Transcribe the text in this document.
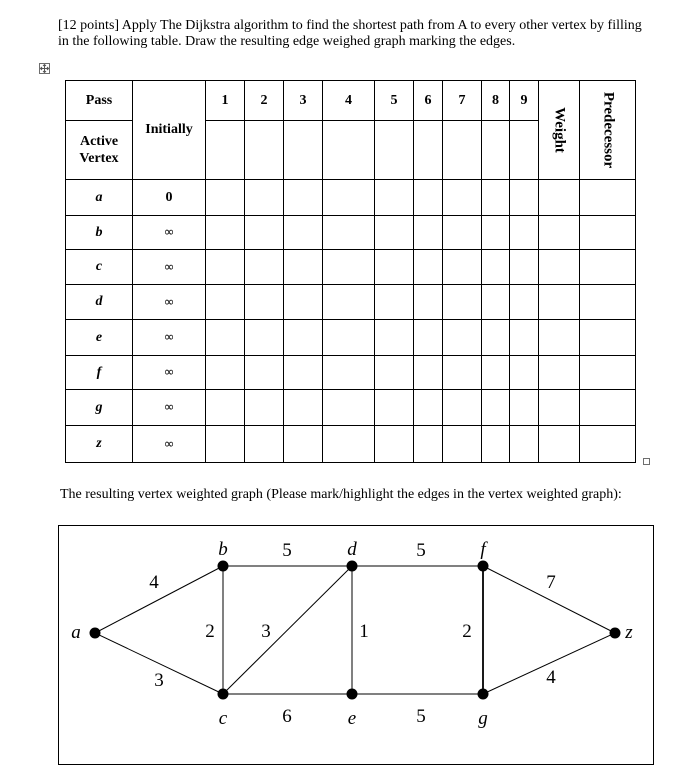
[12 points] Apply The Dijkstra algorithm to find the shortest path from A to every other vertex by filling in the following table. Draw the resulting edge weighed graph marking the edges.
Pass	Initially	1	2	3	4	5	6	7	8	9	Weight	Predecessor

Active Vertex												
a	0											
b	∞											
c	∞											
d	∞											
e	∞											
f	∞											
g	∞											
z	∞											
The resulting vertex weighted graph (Please mark/highlight the edges in the vertex weighted graph):
4
3
2
5
3
6
1
5
5
2
7
4
a
b
c
d
e
f
g
z
